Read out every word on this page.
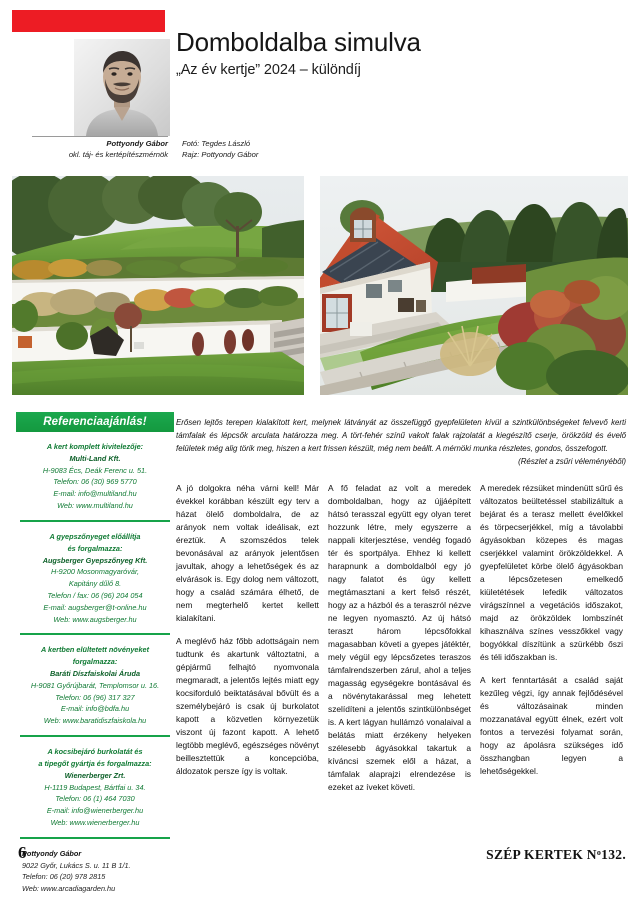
Domboldalba simulva

„Az év kertje” 2024 – különdíj

Pottyondy Gábor
okl. táj- és kertépítészmérnök
Fotó: Tegdes László
Rajz: Pottyondy Gábor
Referenciaajánlás!
A kert komplett kivitelezője:
Multi-Land Kft.
H-9083 Écs, Deák Ferenc u. 51.
Telefon: 06 (30) 969 5770
E-mail: info@multiland.hu
Web: www.multiland.hu
A gyepszőnyeget előállítja
és forgalmazza:
Augsberger Gyepszőnyeg Kft.
H-9200 Mosonmagyaróvár,
Kapitány dűlő 8.
Telefon / fax: 06 (96) 204 054
E-mail: augsberger@t-online.hu
Web: www.augsberger.hu
A kertben elültetett növényeket
forgalmazza:
Baráti Díszfaiskolai Áruda
H-9081 Győrújbarát, Templomsor u. 16.
Telefon: 06 (96) 317 327
E-mail: info@bdfa.hu
Web: www.baratidiszfaiskola.hu
A kocsibejáró burkolatát és
a tipegőt gyártja és forgalmazza:
Wienerberger Zrt.
H-1119 Budapest, Bártfai u. 34.
Telefon: 06 (1) 464 7030
E-mail: info@wienerberger.hu
Web: www.wienerberger.hu
Pottyondy Gábor
9022 Győr, Lukács S. u. 11 B 1/1.
Telefon: 06 (20) 978 2815
Web: www.arcadiagarden.hu
Erősen lejtős terepen kialakított kert, melynek látványát az összefüggő gyepfelületen kívül a szintkülönbségeket felvevő kerti támfalak és lépcsők arculata határozza meg. A tört-fehér színű vakolt falak rajzolatát a kiegészítő cserje, örökzöld és évelő felületek még alig törik meg, hiszen a kert frissen készült, még nem beállt. A mérnöki munka részletes, gondos, összefogott.
(Részlet a zsűri véleményéből)

A jó dolgokra néha várni kell! Már évekkel korábban készült egy terv a házat ölelő domboldalra, de az arányok nem voltak ideálisak, ezt éreztük. A szomszédos telek bevonásával az arányok jelentősen javultak, ahogy a lehetőségek és az elvárások is. Egy dolog nem változott, hogy a család számára élhető, de nem megterhelő kertet kellett kialakítani.

A meglévő ház főbb adottságain nem tudtunk és akartunk változtatni, a gépjármű felhajtó nyomvonala megmaradt, a jelentős lejtés miatt egy kocsiforduló beiktatásával bővült és a személybejáró is csak új burkolatot kapott a közvetlen környezetük viszont új fazont kapott. A lehető legtöbb meglévő, egészséges növényt beillesztettük a koncepcióba, áldozatok persze így is voltak.

A fő feladat az volt a meredek domboldalban, hogy az újjáépített hátsó terasszal együtt egy olyan teret hozzunk létre, mely egyszerre a nappali kiterjesztése, vendég fogadó tér és sportpálya. Ehhez ki kellett harapnunk a domboldalból egy jó nagy falatot és úgy kellett megtámasztani a kert felső részét, hogy az a házból és a teraszról nézve ne legyen nyomasztó. Az új hátsó teraszt három lépcsőfokkal magasabban követi a gyepes játéktér, mely végül egy lépcsőzetes teraszos támfalrendszerben zárul, ahol a teljes magasság egységekre bontásával és a növénytakarással meg lehetett szelídíteni a jelentős szintkülönbséget is. A kert lágyan hullámzó vonalaival a belátás miatt érzékeny helyeken szélesebb ágyásokkal takartuk a kíváncsi szemek elől a házat, a támfalak alaprajzi elrendezése is ezeket az íveket követi.

A meredek rézsüket mindenütt sűrű és változatos beültetéssel stabilizáltuk a bejárat és a terasz mellett évelőkkel és törpecserjékkel, míg a távolabbi ágyásokban közepes és magas cserjékkel valamint örökzöldekkel. A gyepfelületet körbe ölelő ágyásokban a lépcsőzetesen emelkedő kiületétések lefedik változatos virágszínnel a vegetációs időszakot, majd az örökzöldek lombszínét kihasználva színes vesszőkkel vagy bogyókkal díszítünk a szürkébb őszi és téli időszakban is.

A kert fenntartását a család saját kezűleg végzi, így annak fejlődésével és változásainak minden mozzanatával együtt élnek, ezért volt fontos a tervezési folyamat során, hogy az ápolásra szükséges idő összhangban legyen a lehetőségekkel.

6	SZÉP KERTEK $N^o132$.
